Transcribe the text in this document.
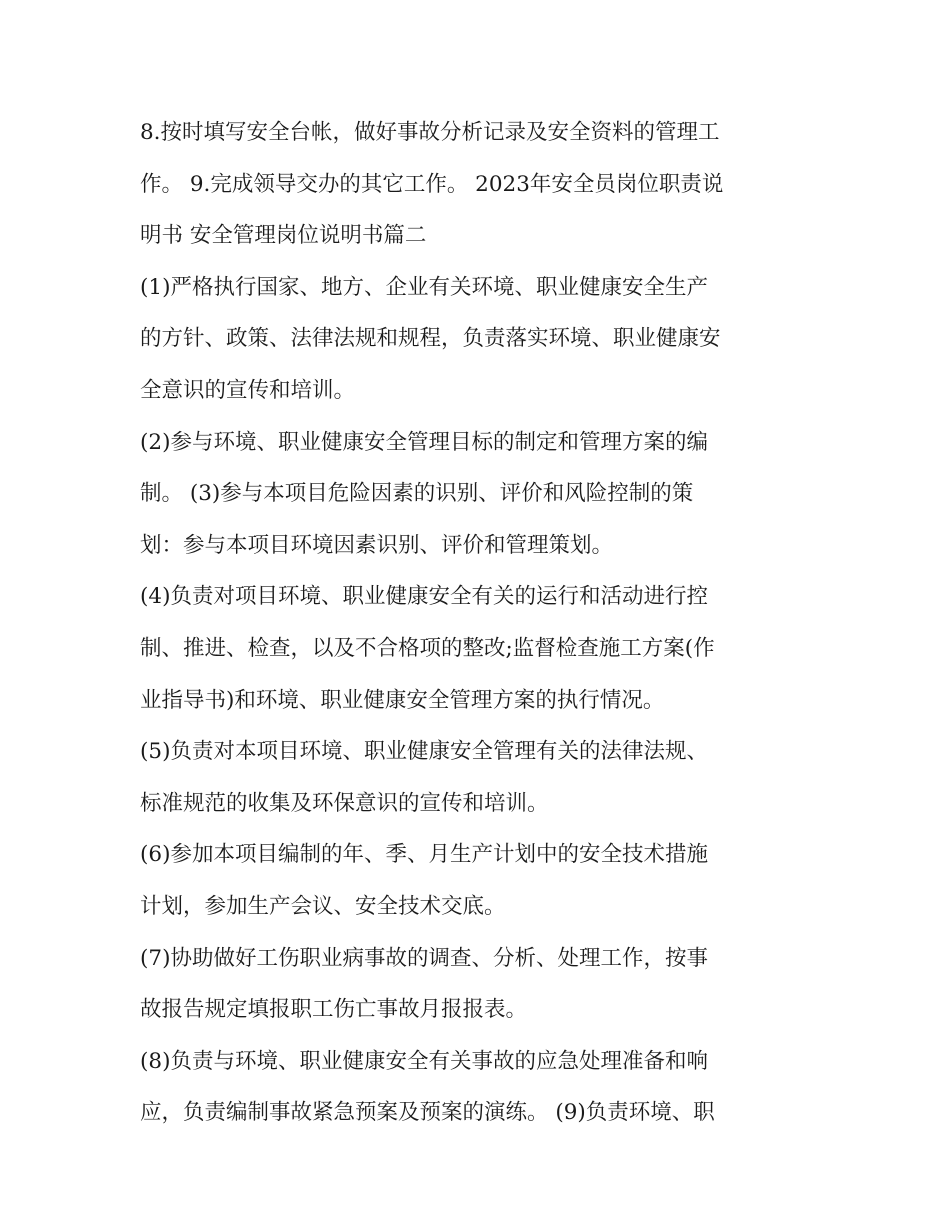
8.按时填写安全台帐，做好事故分析记录及安全资料的管理工
作。 9.完成领导交办的其它工作。 2023年安全员岗位职责说
明书 安全管理岗位说明书篇二
(1)严格执行国家、地方、企业有关环境、职业健康安全生产
的方针、政策、法律法规和规程，负责落实环境、职业健康安
全意识的宣传和培训。
(2)参与环境、职业健康安全管理目标的制定和管理方案的编
制。 (3)参与本项目危险因素的识别、评价和风险控制的策
划：参与本项目环境因素识别、评价和管理策划。
(4)负责对项目环境、职业健康安全有关的运行和活动进行控
制、推进、检查，以及不合格项的整改;监督检查施工方案(作
业指导书)和环境、职业健康安全管理方案的执行情况。
(5)负责对本项目环境、职业健康安全管理有关的法律法规、
标准规范的收集及环保意识的宣传和培训。
(6)参加本项目编制的年、季、月生产计划中的安全技术措施
计划，参加生产会议、安全技术交底。
(7)协助做好工伤职业病事故的调查、分析、处理工作，按事
故报告规定填报职工伤亡事故月报报表。
(8)负责与环境、职业健康安全有关事故的应急处理准备和响
应，负责编制事故紧急预案及预案的演练。 (9)负责环境、职
